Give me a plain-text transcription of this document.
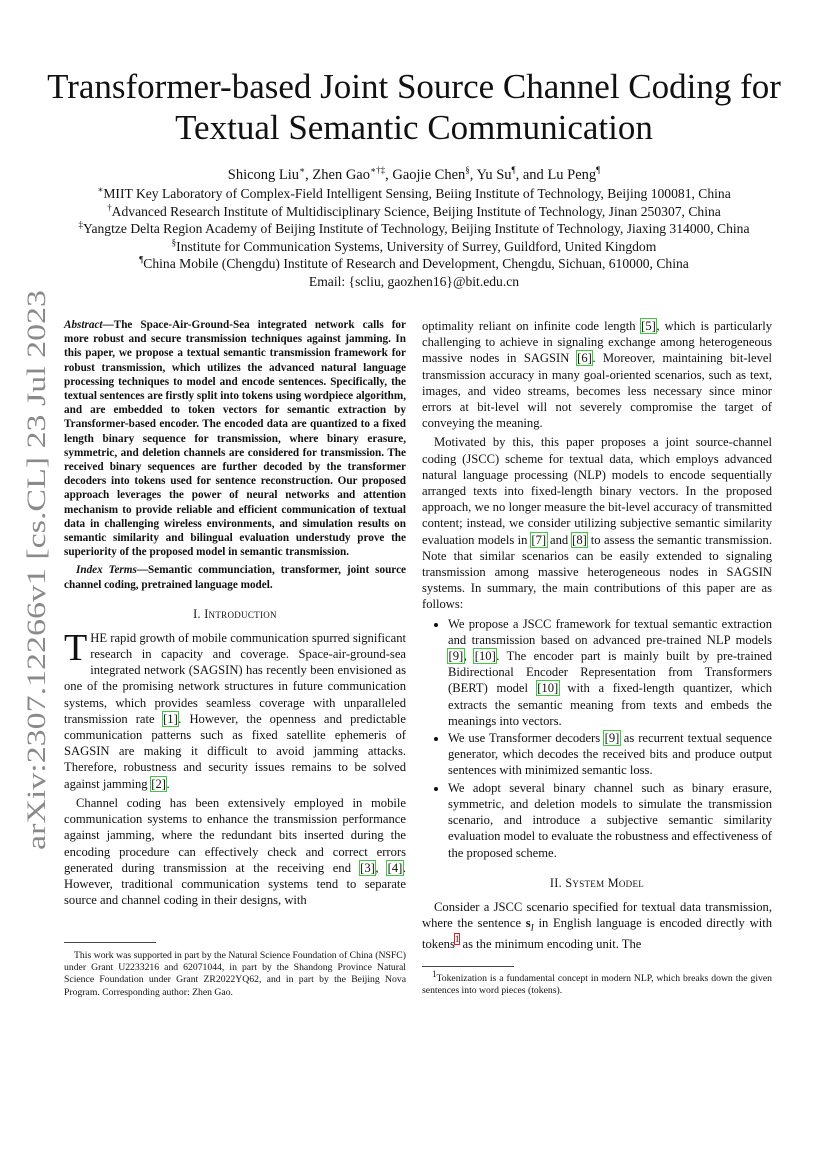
arXiv:2307.12266v1 [cs.CL] 23 Jul 2023
Transformer-based Joint Source Channel Coding for
Textual Semantic Communication
Shicong Liu∗, Zhen Gao∗†‡, Gaojie Chen§, Yu Su¶, and Lu Peng¶
∗MIIT Key Laboratory of Complex-Field Intelligent Sensing, Beiing Institute of Technology, Beijing 100081, China
†Advanced Research Institute of Multidisciplinary Science, Beijing Institute of Technology, Jinan 250307, China
‡Yangtze Delta Region Academy of Beijing Institute of Technology, Beijing Institute of Technology, Jiaxing 314000, China
§Institute for Communication Systems, University of Surrey, Guildford, United Kingdom
¶China Mobile (Chengdu) Institute of Research and Development, Chengdu, Sichuan, 610000, China
Email: {scliu, gaozhen16}@bit.edu.cn

Abstract—The Space-Air-Ground-Sea integrated network calls for more robust and secure transmission techniques against jamming. In this paper, we propose a textual semantic transmission framework for robust transmission, which utilizes the advanced natural language processing techniques to model and encode sentences. Specifically, the textual sentences are firstly split into tokens using wordpiece algorithm, and are embedded to token vectors for semantic extraction by Transformer-based encoder. The encoded data are quantized to a fixed length binary sequence for transmission, where binary erasure, symmetric, and deletion channels are considered for transmission. The received binary sequences are further decoded by the transformer decoders into tokens used for sentence reconstruction. Our proposed approach leverages the power of neural networks and attention mechanism to provide reliable and efficient communication of textual data in challenging wireless environments, and simulation results on semantic similarity and bilingual evaluation understudy prove the superiority of the proposed model in semantic transmission.

Index Terms—Semantic communciation, transformer, joint source channel coding, pretrained language model.

I. Introduction

THE rapid growth of mobile communication spurred significant research in capacity and coverage. Space-air-ground-sea integrated network (SAGSIN) has recently been envisioned as one of the promising network structures in future communication systems, which provides seamless coverage with unparalleled transmission rate [1]. However, the openness and predictable communication patterns such as fixed satellite ephemeris of SAGSIN are making it difficult to avoid jamming attacks. Therefore, robustness and security issues remains to be solved against jamming [2].

Channel coding has been extensively employed in mobile communication systems to enhance the transmission performance against jamming, where the redundant bits inserted during the encoding procedure can effectively check and correct errors generated during transmission at the receiving end [3], [4]. However, traditional communication systems tend to separate source and channel coding in their designs, with

This work was supported in part by the Natural Science Foundation of China (NSFC) under Grant U2233216 and 62071044, in part by the Shandong Province Natural Science Foundation under Grant ZR2022YQ62, and in part by the Beijing Nova Program. Corresponding author: Zhen Gao.

optimality reliant on infinite code length [5], which is particularly challenging to achieve in signaling exchange among heterogeneous massive nodes in SAGSIN [6]. Moreover, maintaining bit-level transmission accuracy in many goal-oriented scenarios, such as text, images, and video streams, becomes less necessary since minor errors at bit-level will not severely compromise the target of conveying the meaning.

Motivated by this, this paper proposes a joint source-channel coding (JSCC) scheme for textual data, which employs advanced natural language processing (NLP) models to encode sequentially arranged texts into fixed-length binary vectors. In the proposed approach, we no longer measure the bit-level accuracy of transmitted content; instead, we consider utilizing subjective semantic similarity evaluation models in [7] and [8] to assess the semantic transmission. Note that similar scenarios can be easily extended to signaling transmission among massive heterogeneous nodes in SAGSIN systems. In summary, the main contributions of this paper are as follows:

• We propose a JSCC framework for textual semantic extraction and transmission based on advanced pre-trained NLP models [9], [10]. The encoder part is mainly built by pre-trained Bidirectional Encoder Representation from Transformers (BERT) model [10] with a fixed-length quantizer, which extracts the semantic meaning from texts and embeds the meanings into vectors.
• We use Transformer decoders [9] as recurrent textual sequence generator, which decodes the received bits and produce output sentences with minimized semantic loss.
• We adopt several binary channel such as binary erasure, symmetric, and deletion models to simulate the transmission scenario, and introduce a subjective semantic similarity evaluation model to evaluate the robustness and effectiveness of the proposed scheme.
II. System Model

Consider a JSCC scenario specified for textual data transmission, where the sentence $s_I$ in English language is encoded directly with tokens$^1$ as the minimum encoding unit. The

$^1$Tokenization is a fundamental concept in modern NLP, which breaks down the given sentences into word pieces (tokens).
